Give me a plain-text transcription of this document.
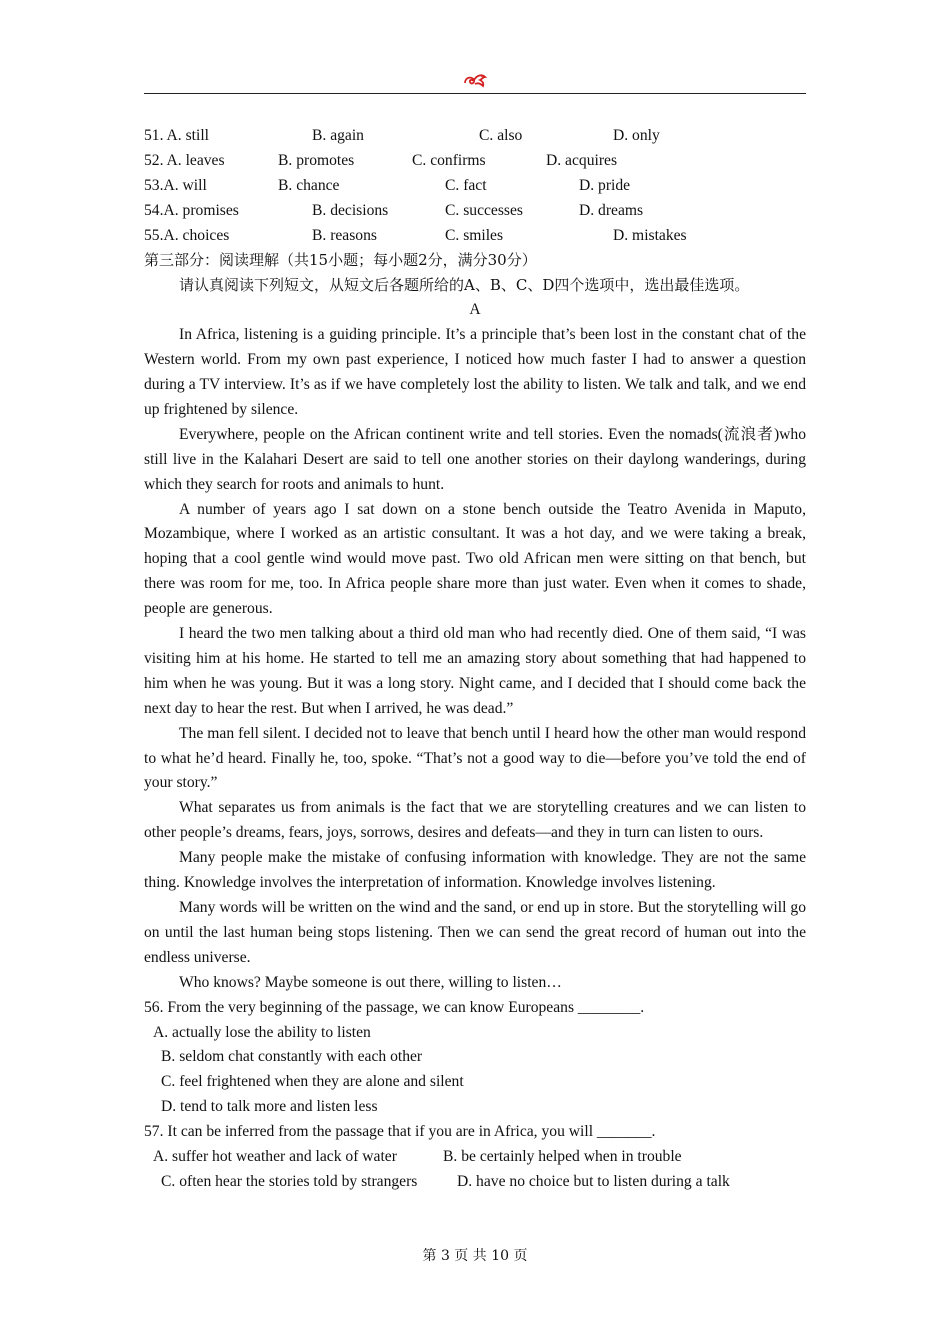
51. A. still	B. again	C. also	D. only
52. A. leaves	B. promotes	C. confirms	D. acquires
53.A. will	B. chance	C. fact	D. pride
54.A. promises	B. decisions	C. successes	D. dreams
55.A. choices	B. reasons	C. smiles	D. mistakes
第三部分：阅读理解（共15小题；每小题2分，满分30分）
请认真阅读下列短文，从短文后各题所给的A、B、C、D四个选项中，选出最佳选项。
A

In Africa, listening is a guiding principle. It’s a principle that’s been lost in the constant chat of the Western world. From my own past experience, I noticed how much faster I had to answer a question during a TV interview. It’s as if we have completely lost the ability to listen. We talk and talk, and we end up frightened by silence.

Everywhere, people on the African continent write and tell stories. Even the nomads(流浪者)who still live in the Kalahari Desert are said to tell one another stories on their daylong wanderings, during which they search for roots and animals to hunt.

A number of years ago I sat down on a stone bench outside the Teatro Avenida in Maputo, Mozambique, where I worked as an artistic consultant. It was a hot day, and we were taking a break, hoping that a cool gentle wind would move past. Two old African men were sitting on that bench, but there was room for me, too. In Africa people share more than just water. Even when it comes to shade, people are generous.

I heard the two men talking about a third old man who had recently died. One of them said, “I was visiting him at his home. He started to tell me an amazing story about something that had happened to him when he was young. But it was a long story. Night came, and I decided that I should come back the next day to hear the rest. But when I arrived, he was dead.”

The man fell silent. I decided not to leave that bench until I heard how the other man would respond to what he’d heard. Finally he, too, spoke. “That’s not a good way to die—before you’ve told the end of your story.”

What separates us from animals is the fact that we are storytelling creatures and we can listen to other people’s dreams, fears, joys, sorrows, desires and defeats—and they in turn can listen to ours.

Many people make the mistake of confusing information with knowledge. They are not the same thing. Knowledge involves the interpretation of information. Knowledge involves listening.

Many words will be written on the wind and the sand, or end up in store. But the storytelling will go on until the last human being stops listening. Then we can send the great record of human out into the endless universe.

Who knows? Maybe someone is out there, willing to listen…

56. From the very beginning of the passage, we can know Europeans ________.
A. actually lose the ability to listen
B. seldom chat constantly with each other
C. feel frightened when they are alone and silent
D. tend to talk more and listen less
57. It can be inferred from the passage that if you are in Africa, you will _______.
A. suffer hot weather and lack of water	B. be certainly helped when in trouble
C. often hear the stories told by strangers	D. have no choice but to listen during a talk
第 3 页 共 10 页
